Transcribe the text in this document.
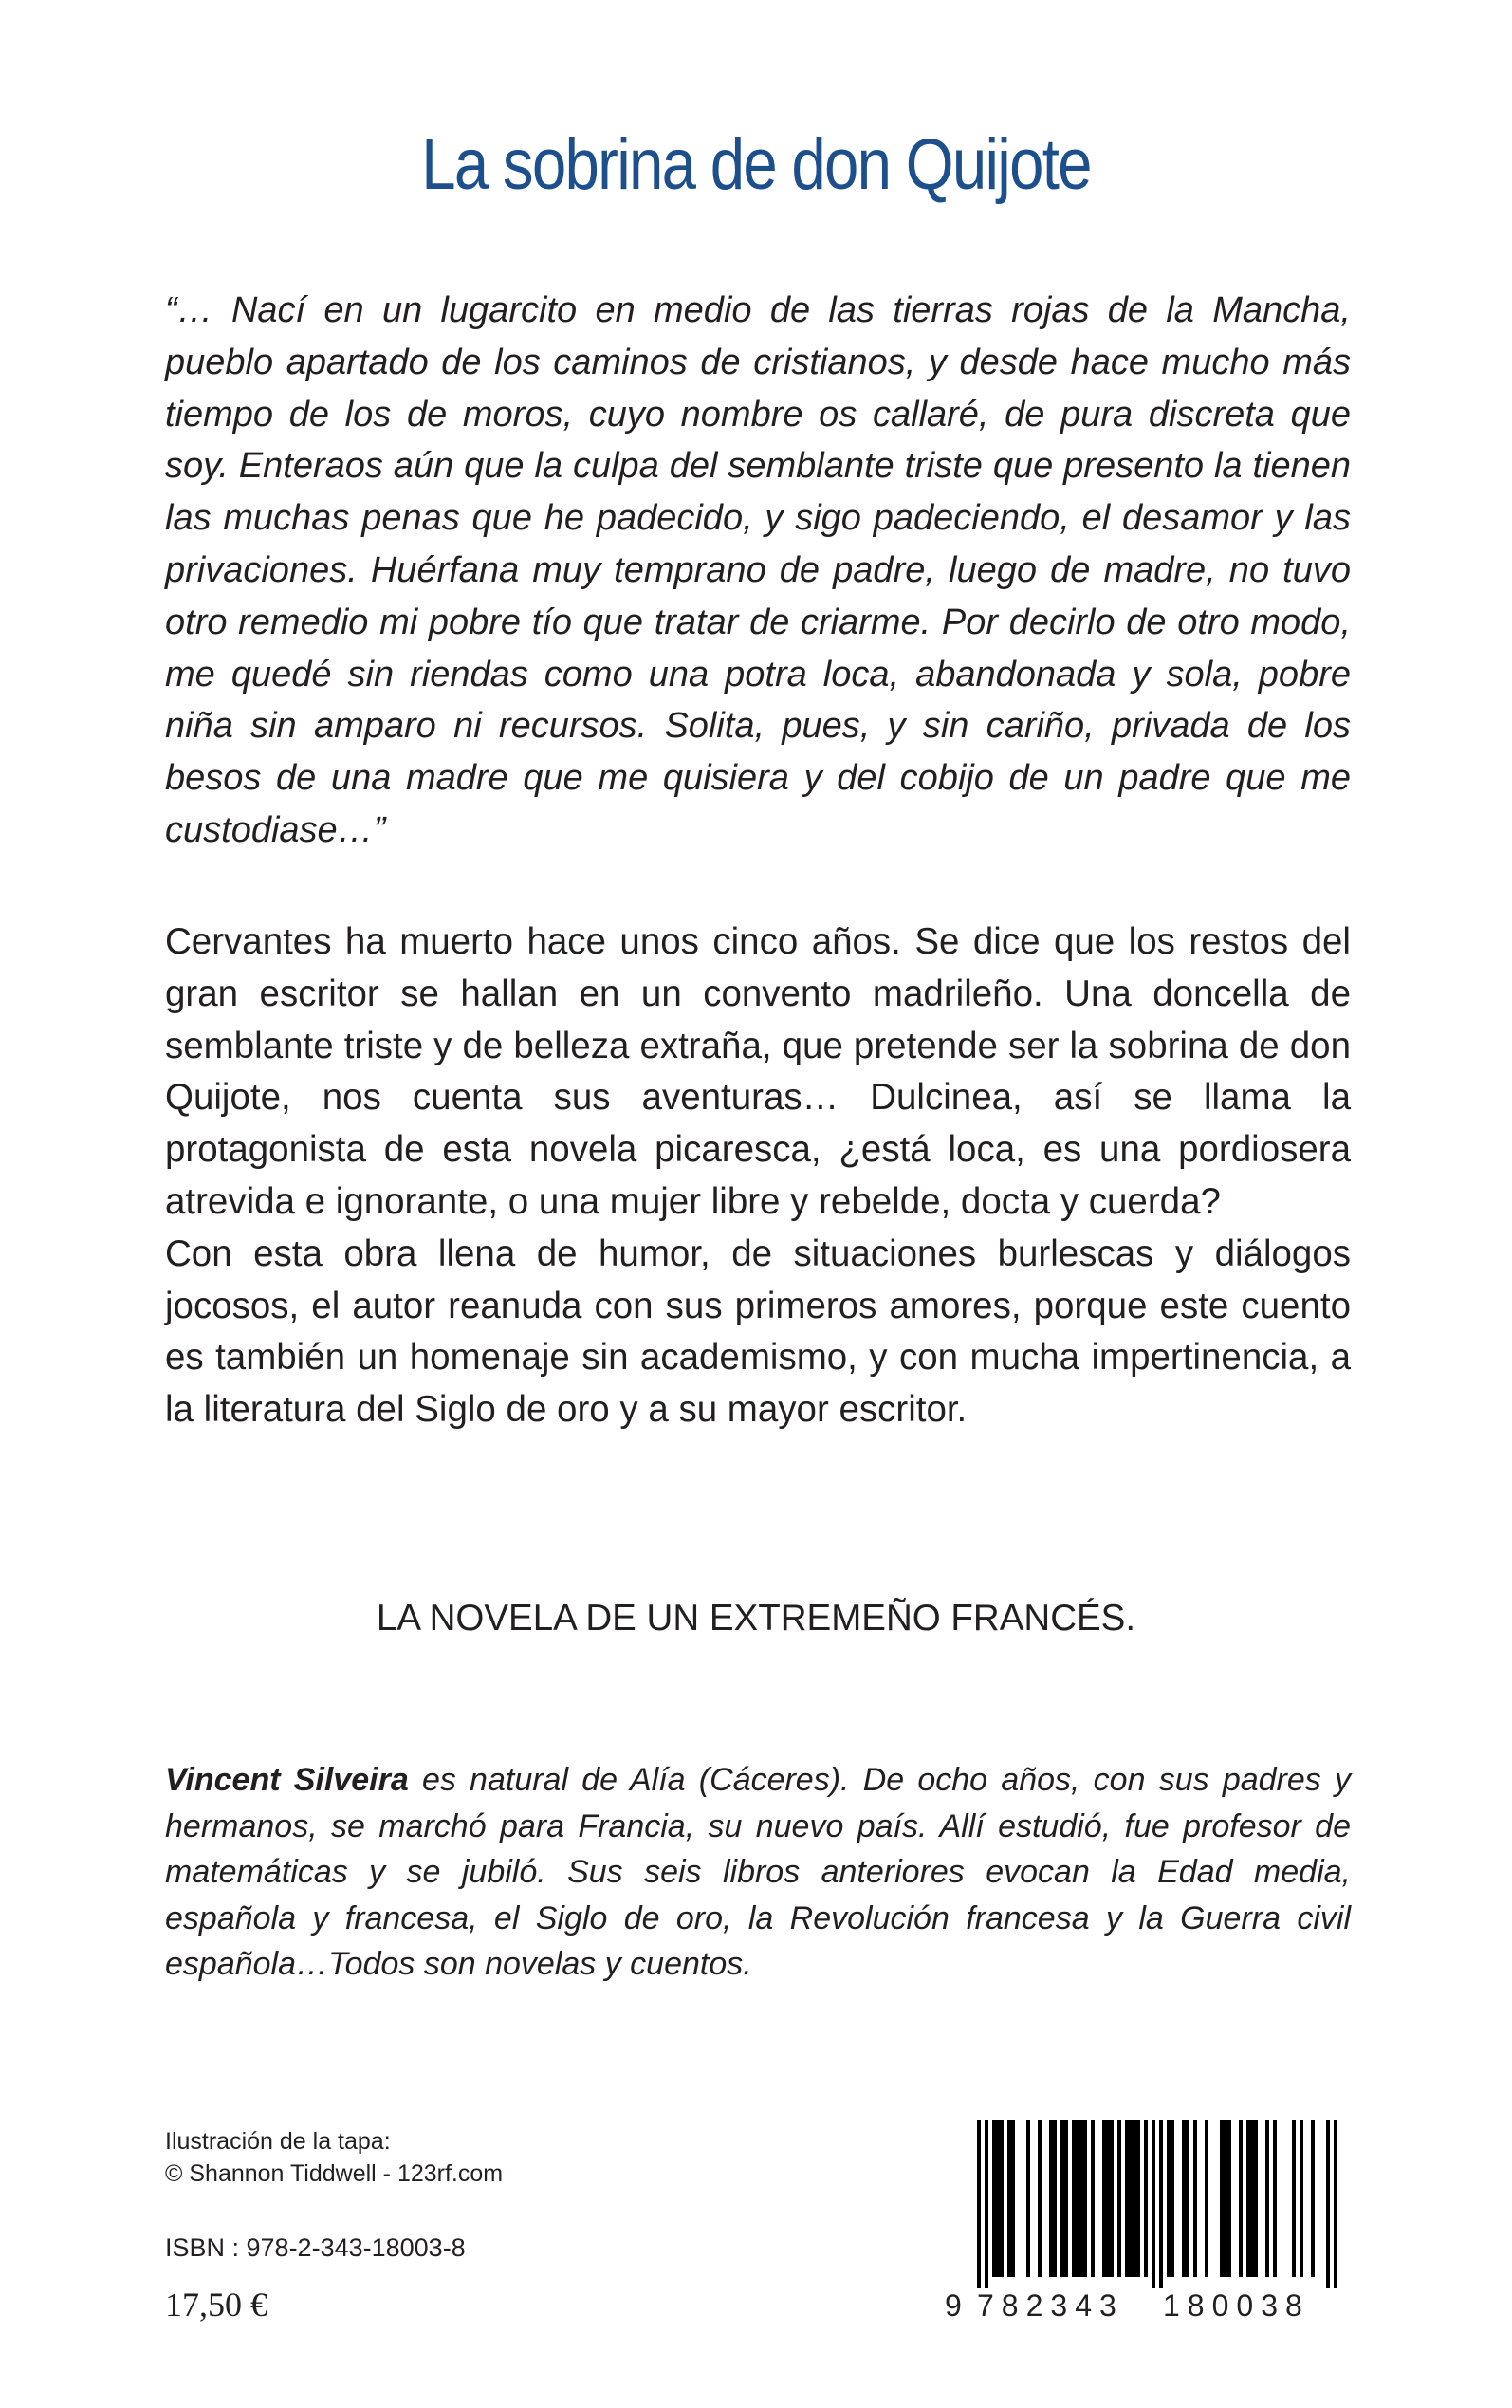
La sobrina de don Quijote

“… Nací en un lugarcito en medio de las tierras rojas de la Mancha, pueblo apartado de los caminos de cristianos, y desde hace mucho más tiempo de los de moros, cuyo nombre os callaré, de pura discreta que soy. Enteraos aún que la culpa del semblante triste que presento la tienen las muchas penas que he padecido, y sigo padeciendo, el desamor y las privaciones. Huérfana muy temprano de padre, luego de madre, no tuvo otro remedio mi pobre tío que tratar de criarme. Por decirlo de otro modo, me quedé sin riendas como una potra loca, abandonada y sola, pobre niña sin amparo ni recursos. Solita, pues, y sin cariño, privada de los besos de una madre que me quisiera y del cobijo de un padre que me custodiase…”

Cervantes ha muerto hace unos cinco años. Se dice que los restos del gran escritor se hallan en un convento madrileño. Una doncella de semblante triste y de belleza extraña, que pretende ser la sobrina de don Quijote, nos cuenta sus aventuras… Dulcinea, así se llama la protagonista de esta novela picaresca, ¿está loca, es una pordiosera atrevida e ignorante, o una mujer libre y rebelde, docta y cuerda?

Con esta obra llena de humor, de situaciones burlescas y diálogos jocosos, el autor reanuda con sus primeros amores, porque este cuento es también un homenaje sin academismo, y con mucha impertinencia, a la literatura del Siglo de oro y a su mayor escritor.

LA NOVELA DE UN EXTREMEÑO FRANCÉS.

Vincent Silveira es natural de Alía (Cáceres). De ocho años, con sus padres y hermanos, se marchó para Francia, su nuevo país. Allí estudió, fue profesor de matemáticas y se jubiló. Sus seis libros anteriores evocan la Edad media, española y francesa, el Siglo de oro, la Revolución francesa y la Guerra civil española…Todos son novelas y cuentos.

Ilustración de la tapa:
© Shannon Tiddwell - 123rf.com
ISBN : 978-2-343-18003-8
17,50 €	9 782343 180038
